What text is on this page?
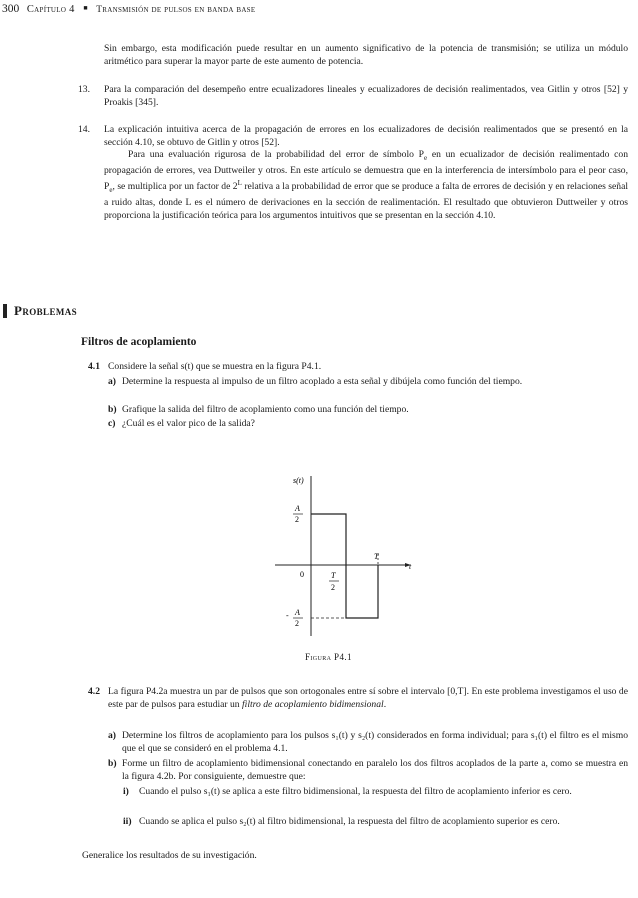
300 Capítulo 4 ■ Transmisión de pulsos en banda base

Sin embargo, esta modificación puede resultar en un aumento significativo de la potencia de transmisión; se utiliza un módulo aritmético para superar la mayor parte de este aumento de potencia.

13. Para la comparación del desempeño entre ecualizadores lineales y ecualizadores de decisión realimentados, vea Gitlin y otros [52] y Proakis [345].

14. La explicación intuitiva acerca de la propagación de errores en los ecualizadores de decisión realimentados que se presentó en la sección 4.10, se obtuvo de Gitlin y otros [52].

Para una evaluación rigurosa de la probabilidad del error de símbolo $P_e$ en un ecualizador de decisión realimentado con propagación de errores, vea Duttweiler y otros. En este artículo se demuestra que en la interferencia de intersímbolo para el peor caso, $P_e$, se multiplica por un factor de $2^L$ relativa a la probabilidad de error que se produce a falta de errores de decisión y en relaciones señal a ruido altas, donde L es el número de derivaciones en la sección de realimentación. El resultado que obtuvieron Duttweiler y otros proporciona la justificación teórica para los argumentos intuitivos que se presentan en la sección 4.10.

Problemas
Filtros de acoplamiento
4.1 Considere la señal s(t) que se muestra en la figura P4.1.

a) Determine la respuesta al impulso de un filtro acoplado a esta señal y dibújela como función del tiempo.

b) Grafique la salida del filtro de acoplamiento como una función del tiempo.

c) ¿Cuál es el valor pico de la salida?

s(t)
t
A
2
- A
2
0	T
2
T
Figura P4.1
4.2 La figura P4.2a muestra un par de pulsos que son ortogonales entre sí sobre el intervalo [0,T]. En este problema investigamos el uso de este par de pulsos para estudiar un filtro de acoplamiento bidimensional.

a) Determine los filtros de acoplamiento para los pulsos s₁(t) y s₂(t) considerados en forma individual; para s₁(t) el filtro es el mismo que el que se consideró en el problema 4.1.

b) Forme un filtro de acoplamiento bidimensional conectando en paralelo los dos filtros acoplados de la parte a, como se muestra en la figura 4.2b. Por consiguiente, demuestre que:

i) Cuando el pulso s₁(t) se aplica a este filtro bidimensional, la respuesta del filtro de acoplamiento inferior es cero.

ii) Cuando se aplica el pulso s₂(t) al filtro bidimensional, la respuesta del filtro de acoplamiento superior es cero.

Generalice los resultados de su investigación.
